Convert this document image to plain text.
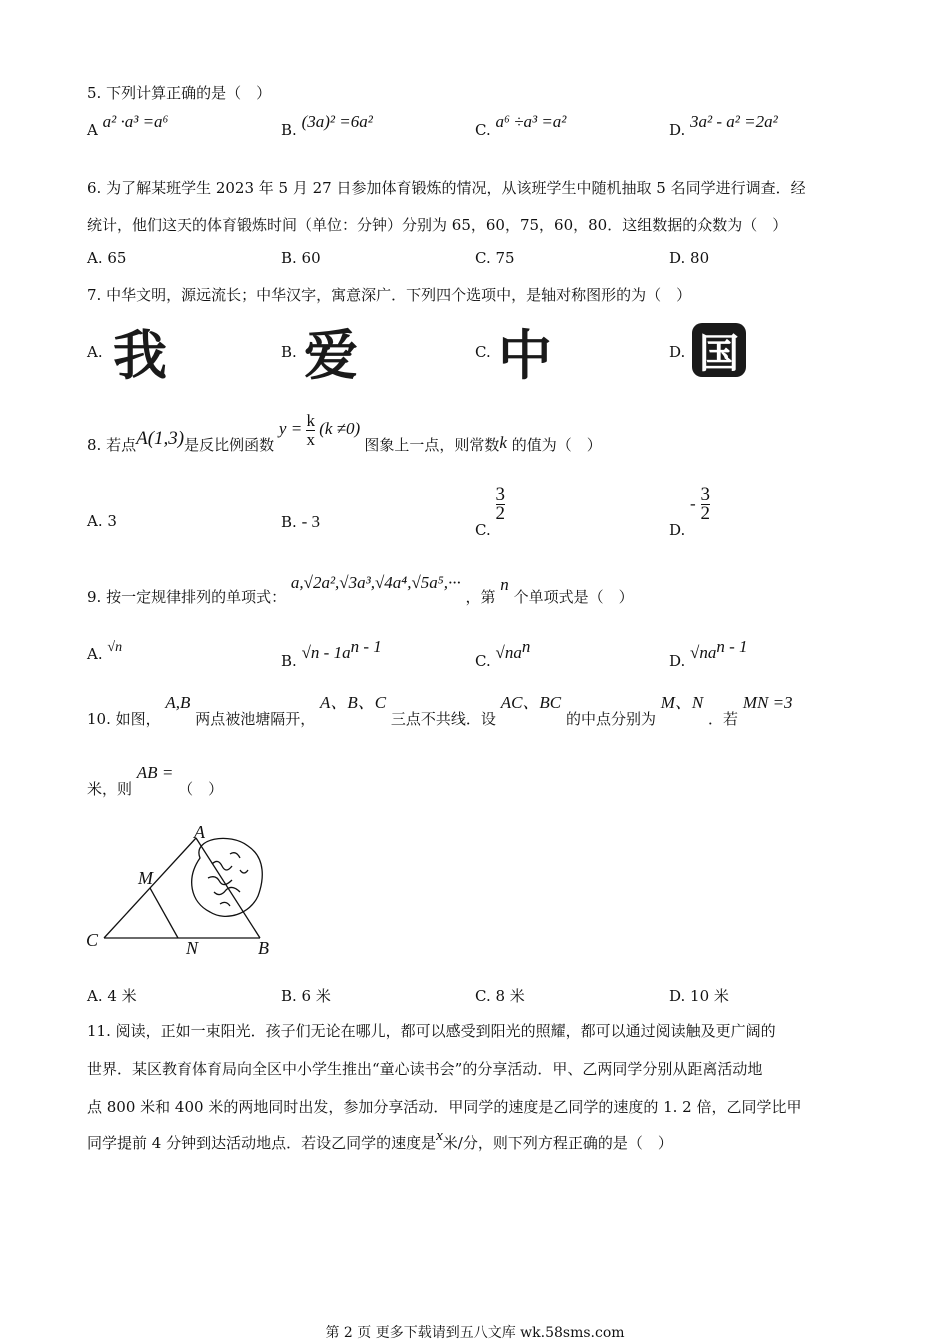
5. 下列计算正确的是（　）
A a² ·a³ =a⁶	B. (3a)² =6a²	C. a⁶ ÷a³ =a²	D. 3a² - a² =2a²
6. 为了解某班学生 2023 年 5 月 27 日参加体育锻炼的情况，从该班学生中随机抽取 5 名同学进行调查．经
统计，他们这天的体育锻炼时间（单位：分钟）分别为 65，60，75，60，80．这组数据的众数为（　）
A. 65	B. 60	C. 75	D. 80
7. 中华文明，源远流长；中华汉字，寓意深广．下列四个选项中，是轴对称图形的为（　）
A. 我	B. 爱	C. 中	D. 国
8. 若点A(1,3)是反比例函数 $y = \frac{k}{x} (k \ne 0)$ 图象上一点，则常数k 的值为（　）
A. 3	B. - 3	C.
$\frac{3}{2}$
D. - $\frac{3}{2}$
9. 按一定规律排列的单项式： a,√2a²,√3a³,√4a⁴,√5a⁵,··· ，第 n 个单项式是（　）
A. √n
B. $√n - 1a^{n - 1}$
C. $√na^n$
D. $√na^{n - 1}$
10. 如图， A,B 两点被池塘隔开， A、B、C 三点不共线．设 AC、BC 的中点分别为 M、N ．若 MN =3
米，则 AB = （　）
A
M
C	N	B
A. 4 米	B. 6 米	C. 8 米	D. 10 米
11. 阅读，正如一束阳光．孩子们无论在哪儿，都可以感受到阳光的照耀，都可以通过阅读触及更广阔的
世界．某区教育体育局向全区中小学生推出“童心读书会”的分享活动．甲、乙两同学分别从距离活动地
点 800 米和 400 米的两地同时出发，参加分享活动．甲同学的速度是乙同学的速度的 1. 2 倍，乙同学比甲
同学提前 4 分钟到达活动地点．若设乙同学的速度是x米/分，则下列方程正确的是（　）
第 2 页 更多下载请到五八文库 wk.58sms.com
